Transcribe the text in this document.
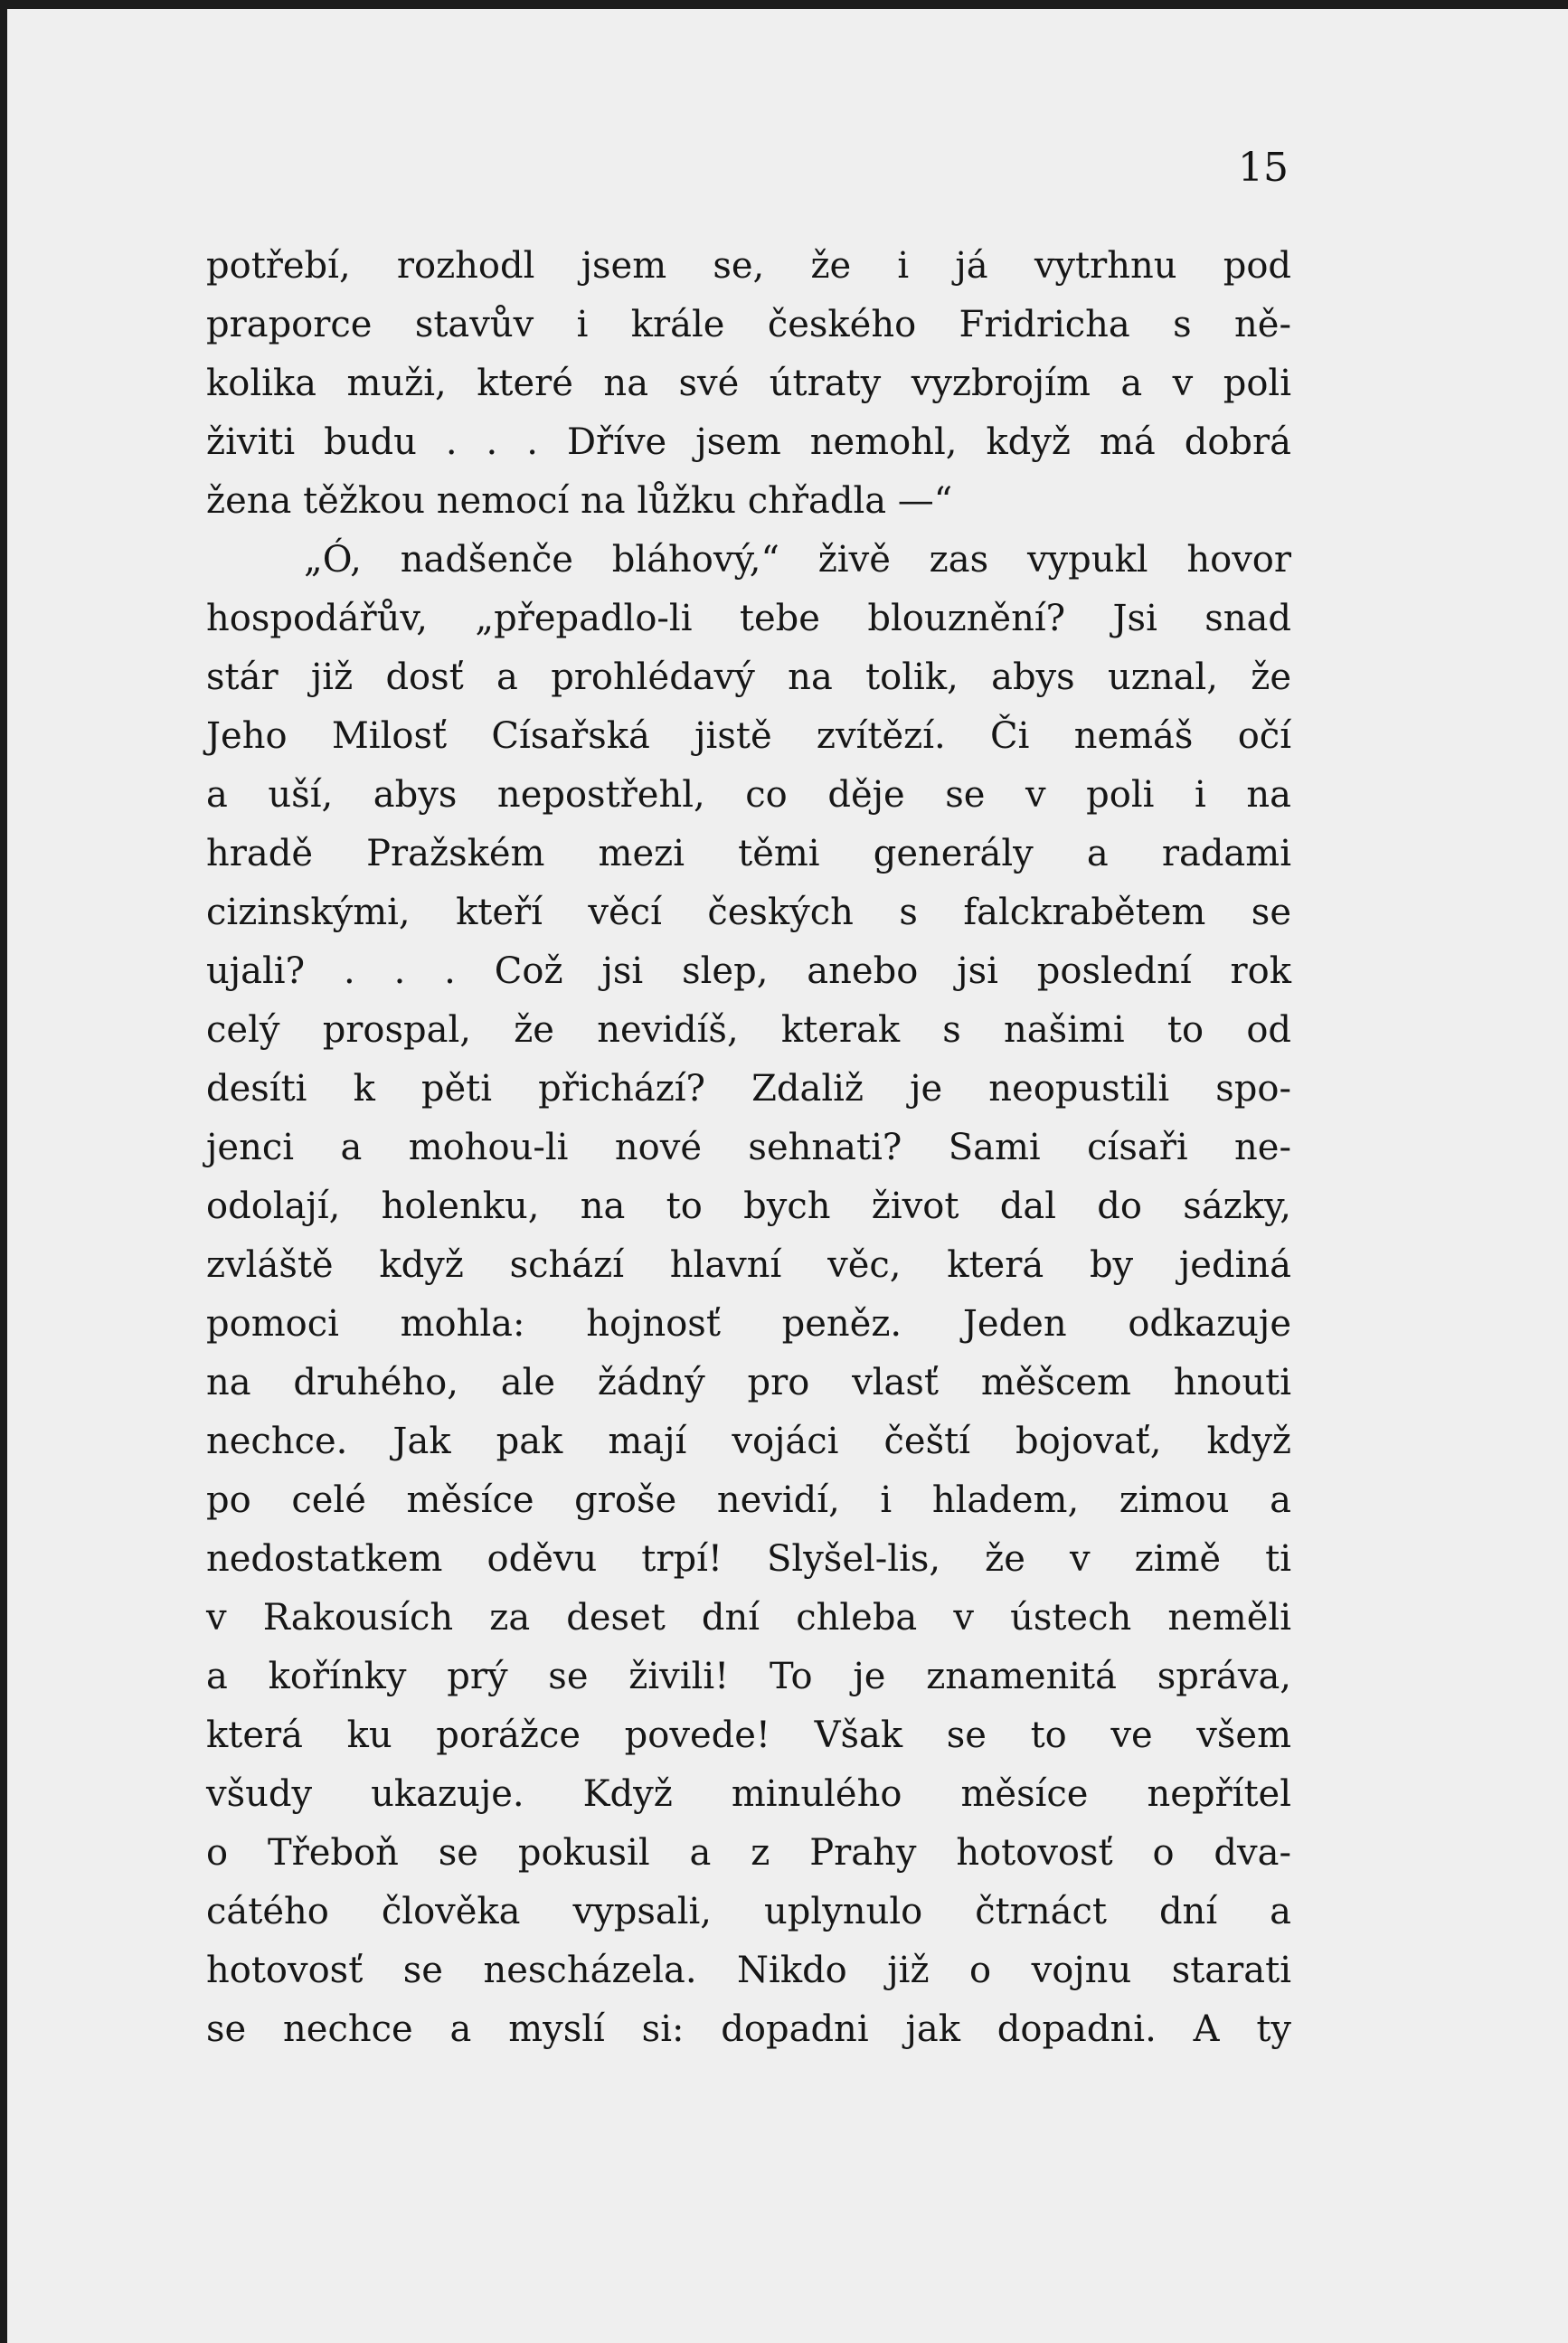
15
potřebí, rozhodl jsem se, že i já vytrhnu pod
praporce stavův i krále českého Fridricha s ně-
kolika muži, které na své útraty vyzbrojím a v poli
živiti budu . . . Dříve jsem nemohl, když má dobrá
žena těžkou nemocí na lůžku chřadla —“
„Ó, nadšenče bláhový,“ živě zas vypukl hovor
hospodářův, „přepadlo-li tebe blouznění? Jsi snad
stár již dosť a prohlédavý na tolik, abys uznal, že
Jeho Milosť Císařská jistě zvítězí. Či nemáš očí
a uší, abys nepostřehl, co děje se v poli i na
hradě Pražském mezi těmi generály a radami
cizinskými, kteří věcí českých s falckrabětem se
ujali? . . . Což jsi slep, anebo jsi poslední rok
celý prospal, že nevidíš, kterak s našimi to od
desíti k pěti přichází? Zdaliž je neopustili spo-
jenci a mohou-li nové sehnati? Sami císaři ne-
odolají, holenku, na to bych život dal do sázky,
zvláště když schází hlavní věc, která by jediná
pomoci mohla: hojnosť peněz. Jeden odkazuje
na druhého, ale žádný pro vlasť měšcem hnouti
nechce. Jak pak mají vojáci čeští bojovať, když
po celé měsíce groše nevidí, i hladem, zimou a
nedostatkem oděvu trpí! Slyšel-lis, že v zimě ti
v Rakousích za deset dní chleba v ústech neměli
a kořínky prý se živili! To je znamenitá správa,
která ku porážce povede! Však se to ve všem
všudy ukazuje. Když minulého měsíce nepřítel
o Třeboň se pokusil a z Prahy hotovosť o dva-
cátého člověka vypsali, uplynulo čtrnáct dní a
hotovosť se nescházela. Nikdo již o vojnu starati
se nechce a myslí si: dopadni jak dopadni. A ty
